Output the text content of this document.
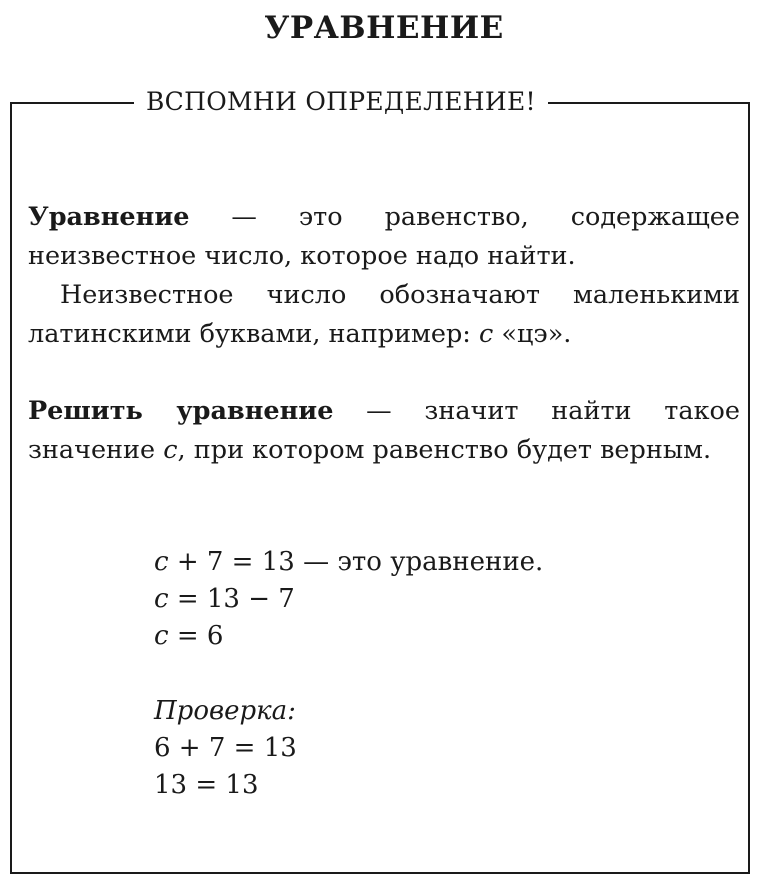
УРАВНЕНИЕ
ВСПОМНИ ОПРЕДЕЛЕНИЕ!

Уравнение — это равенство, содержащее неизвестное число, которое надо найти.

Неизвестное число обозначают маленькими латинскими буквами, например: c «цэ».

Решить уравнение — значит найти такое значение c, при котором равенство будет верным.

c + 7 = 13 — это уравнение.
c = 13 − 7
c = 6
Проверка:
6 + 7 = 13
13 = 13
